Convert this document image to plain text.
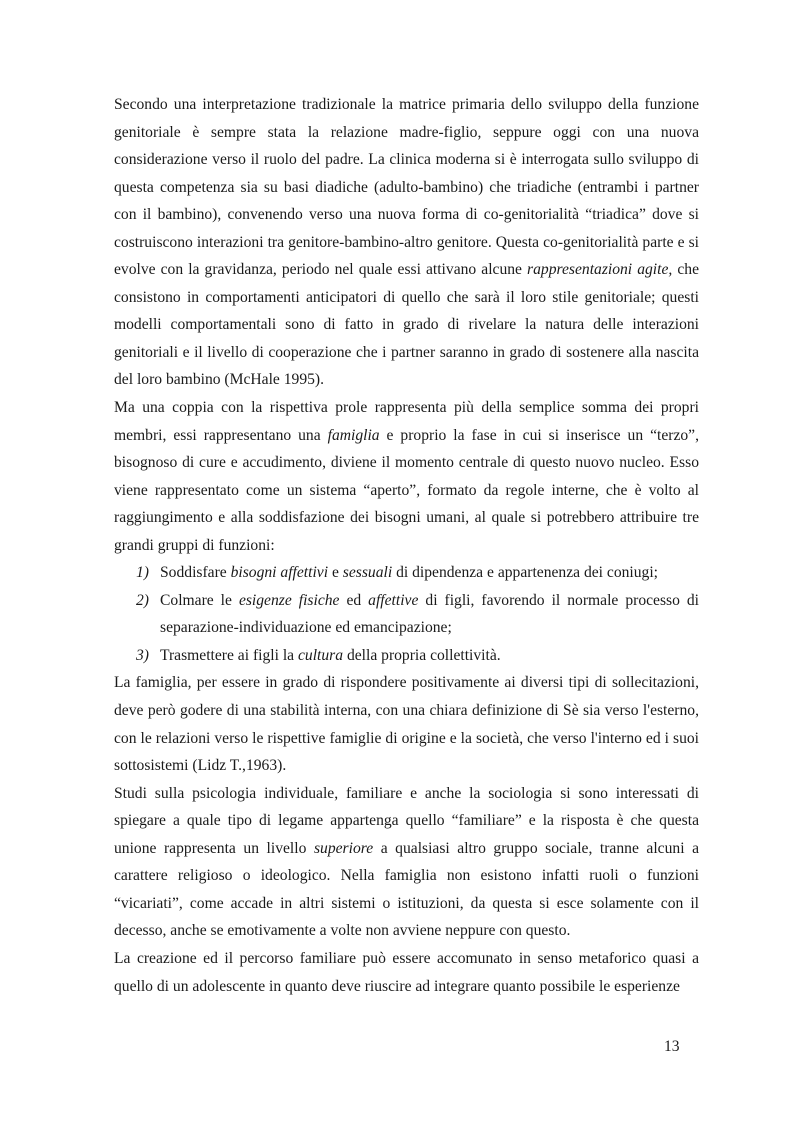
Secondo una interpretazione tradizionale la matrice primaria dello sviluppo della funzione genitoriale è sempre stata la relazione madre-figlio, seppure oggi con una nuova considerazione verso il ruolo del padre. La clinica moderna si è interrogata sullo sviluppo di questa competenza sia su basi diadiche (adulto-bambino) che triadiche (entrambi i partner con il bambino), convenendo verso una nuova forma di co-genitorialità “triadica” dove si costruiscono interazioni tra genitore-bambino-altro genitore. Questa co-genitorialità parte e si evolve con la gravidanza, periodo nel quale essi attivano alcune rappresentazioni agite, che consistono in comportamenti anticipatori di quello che sarà il loro stile genitoriale; questi modelli comportamentali sono di fatto in grado di rivelare la natura delle interazioni genitoriali e il livello di cooperazione che i partner saranno in grado di sostenere alla nascita del loro bambino (McHale 1995).

Ma una coppia con la rispettiva prole rappresenta più della semplice somma dei propri membri, essi rappresentano una famiglia e proprio la fase in cui si inserisce un “terzo”, bisognoso di cure e accudimento, diviene il momento centrale di questo nuovo nucleo. Esso viene rappresentato come un sistema “aperto”, formato da regole interne, che è volto al raggiungimento e alla soddisfazione dei bisogni umani, al quale si potrebbero attribuire tre grandi gruppi di funzioni:

1) Soddisfare bisogni affettivi e sessuali di dipendenza e appartenenza dei coniugi;
2) Colmare le esigenze fisiche ed affettive di figli, favorendo il normale processo di separazione-individuazione ed emancipazione;
3) Trasmettere ai figli la cultura della propria collettività.

La famiglia, per essere in grado di rispondere positivamente ai diversi tipi di sollecitazioni, deve però godere di una stabilità interna, con una chiara definizione di Sè sia verso l'esterno, con le relazioni verso le rispettive famiglie di origine e la società, che verso l'interno ed i suoi sottosistemi (Lidz T.,1963).

Studi sulla psicologia individuale, familiare e anche la sociologia si sono interessati di spiegare a quale tipo di legame appartenga quello “familiare” e la risposta è che questa unione rappresenta un livello superiore a qualsiasi altro gruppo sociale, tranne alcuni a carattere religioso o ideologico. Nella famiglia non esistono infatti ruoli o funzioni “vicariati”, come accade in altri sistemi o istituzioni, da questa si esce solamente con il decesso, anche se emotivamente a volte non avviene neppure con questo.

La creazione ed il percorso familiare può essere accomunato in senso metaforico quasi a quello di un adolescente in quanto deve riuscire ad integrare quanto possibile le esperienze

13
